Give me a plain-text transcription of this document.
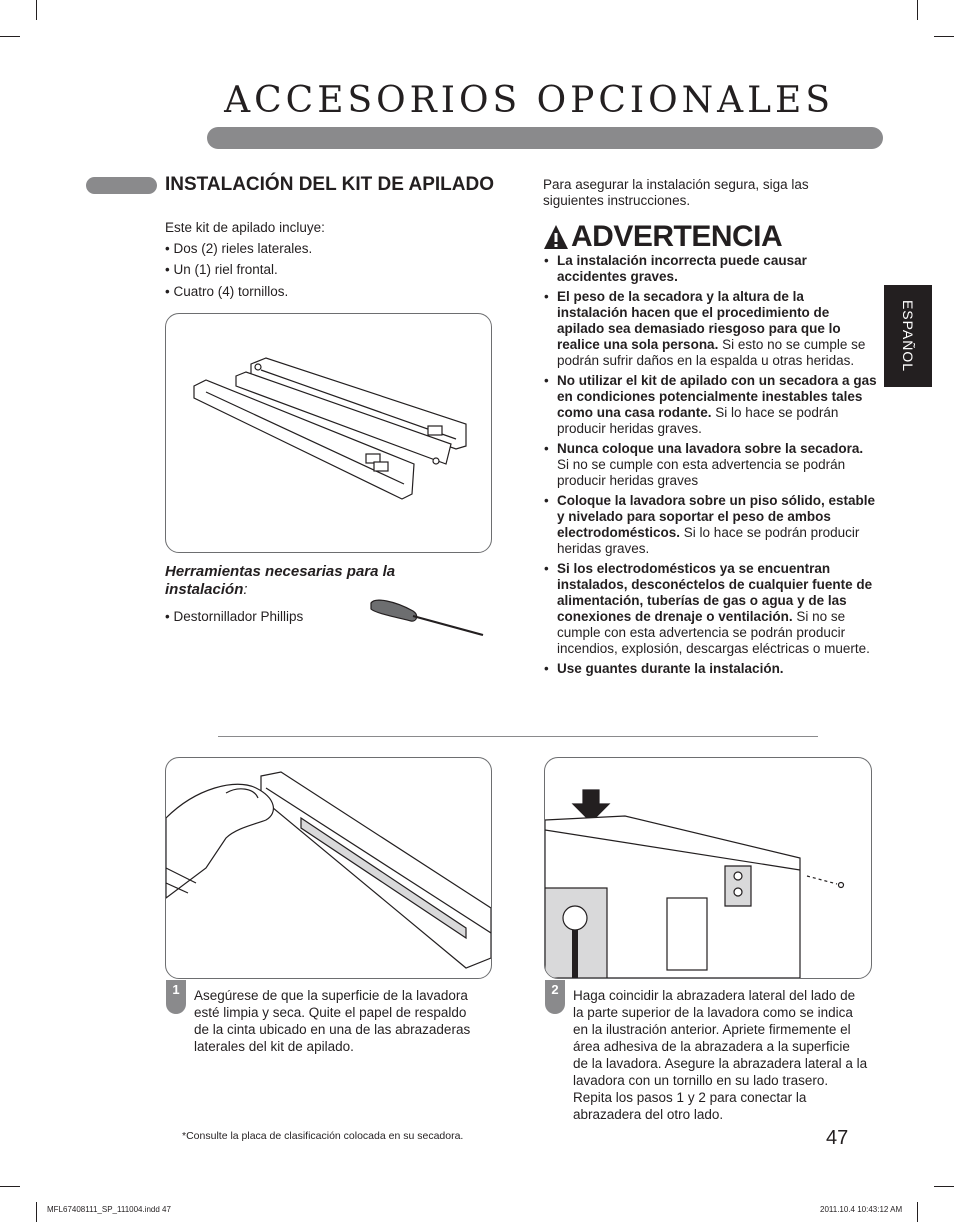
ACCESORIOS OPCIONALES
ESPAÑOL
INSTALACIÓN DEL KIT DE APILADO
Este kit de apilado incluye:
• Dos (2) rieles laterales.
• Un (1) riel frontal.
• Cuatro (4) tornillos.
Herramientas necesarias para la
instalación:
• Destornillador Phillips
Para asegurar la instalación segura, siga las siguientes instrucciones.
ADVERTENCIA
• La instalación incorrecta puede causar accidentes graves.
• El peso de la secadora y la altura de la instalación hacen que el procedimiento de apilado sea demasiado riesgoso para que lo realice una sola persona. Si esto no se cumple se podrán sufrir daños en la espalda u otras heridas.
• No utilizar el kit de apilado con un secadora a gas en condiciones potencialmente inestables tales como una casa rodante. Si lo hace se podrán producir heridas graves.
• Nunca coloque una lavadora sobre la secadora. Si no se cumple con esta advertencia se podrán producir heridas graves
• Coloque la lavadora sobre un piso sólido, estable y nivelado para soportar el peso de ambos electrodomésticos. Si lo hace se podrán producir heridas graves.
• Si los electrodomésticos ya se encuentran instalados, desconéctelos de cualquier fuente de alimentación, tuberías de gas o agua y de las conexiones de drenaje o ventilación. Si no se cumple con esta advertencia se podrán producir incendios, explosión, descargas eléctricas o muerte.
• Use guantes durante la instalación.
1	Asegúrese de que la superficie de la lavadora esté limpia y seca. Quite el papel de respaldo de la cinta ubicado en una de las abrazaderas laterales del kit de apilado.
2	Haga coincidir la abrazadera lateral del lado de la parte superior de la lavadora como se indica en la ilustración anterior. Apriete firmemente el área adhesiva de la abrazadera a la superficie de la lavadora. Asegure la abrazadera lateral a la lavadora con un tornillo en su lado trasero. Repita los pasos 1 y 2 para conectar la abrazadera del otro lado.
*Consulte la placa de clasificación colocada en su secadora.	47
MFL67408111_SP_111004.indd 47	2011.10.4 10:43:12 AM
